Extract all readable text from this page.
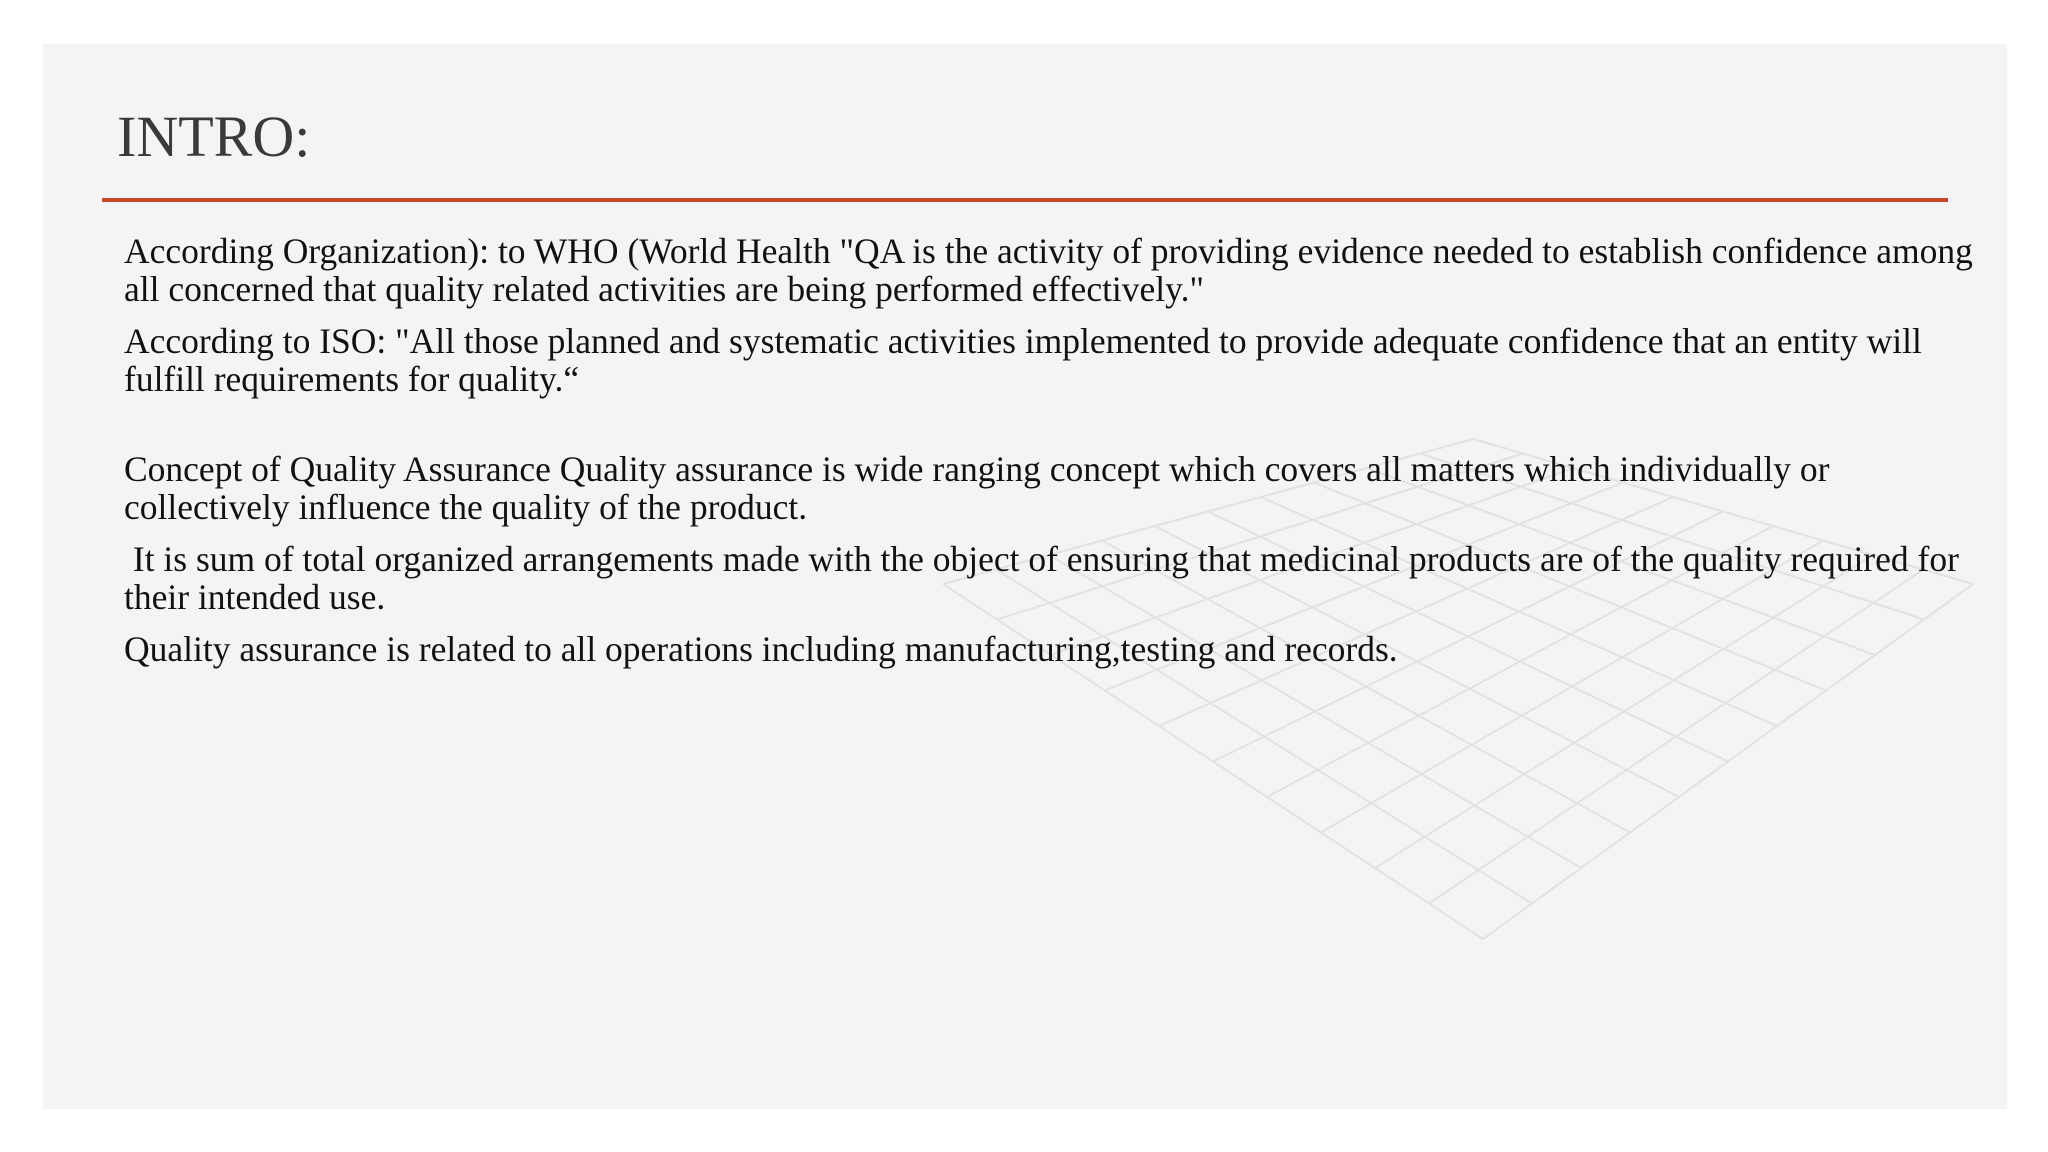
INTRO:

According Organization): to WHO (World Health "QA is the activity of providing evidence needed to establish confidence among all concerned that quality related activities are being performed effectively."

According to ISO: "All those planned and systematic activities implemented to provide adequate confidence that an entity will fulfill requirements for quality.“

Concept of Quality Assurance Quality assurance is wide ranging concept which covers all matters which individually or collectively influence the quality of the product.

It is sum of total organized arrangements made with the object of ensuring that medicinal products are of the quality required for their intended use.

Quality assurance is related to all operations including manufacturing,testing and records.
